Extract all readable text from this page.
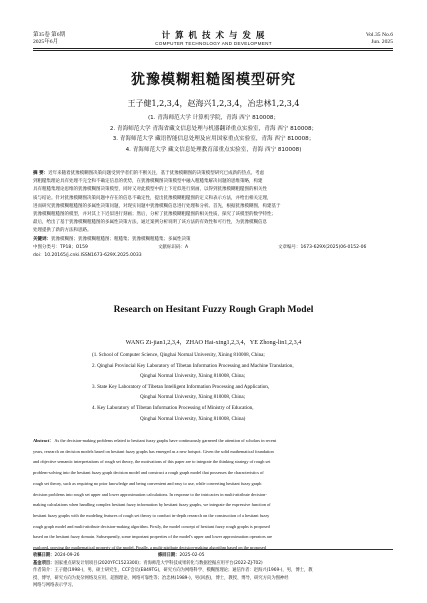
第35卷 第6期
2025年6月
计 算 机 技 术 与 发 展
COMPUTER TECHNOLOGY AND DEVELOPMENT
Vol.35 No.6
Jun. 2025
犹豫模糊粗糙图模型研究
王子健1,2,3,4，赵海兴1,2,3,4，冶忠林1,2,3,4
(1. 青海师范大学 计算机学院，青海 西宁 810008；
2. 青海师范大学 青海省藏文信息处理与机器翻译重点实验室，青海 西宁 810008；
3. 青海师范大学 藏语智能信息处理及应用国家重点实验室，青海 西宁 810008；
4. 青海师范大学 藏文信息处理教育部重点实验室，青海 西宁 810008)
摘 要：近年来随着犹豫模糊图决策问题受到学者们的不断关注，基于犹豫模糊图的决策模型研究已成新的热点。考虑
到粗糙集理论具有处理不完全和不确定信息的优势，在犹豫模糊图决策模型中融入粗糙集解决问题的思维策略，构建
具有粗糙集理论思维的犹豫模糊图决策模型，同时又对此模型中的上下近似进行刻画，以得到犹豫模糊粗糙图的相关性
质与结论。针对犹豫模糊图决策问题中存在的信息不确定性，提出犹豫模糊粗糙图的定义和表示方法，并给出相关定理，
进而研究犹豫模糊粗糙图的多属性决策问题，对现实问题中犹豫模糊信息进行处理和分析。首先，根据犹豫模糊图，构建基于
犹豫模糊粗糙图的模型，并对其上下近似进行刻画；然后，分析了犹豫模糊粗糙图的相关性质，探究了该模型的数学特性；
最后，给出了基于犹豫模糊粗糙图的多属性决策方法，通过案例分析说明了该方法的有效性和可行性，为犹豫模糊信息
处理提供了新的方法和思路。
关键词：犹豫模糊图；犹豫模糊粗糙图；粗糙集；犹豫模糊粗糙集；多属性决策
中图分类号：TP18；O159	文献标识码：A	文章编号：1673-629X(2025)06-0152-06
doi：10.20165/j.cnki.ISSN1673-629X.2025.0033
Research on Hesitant Fuzzy Rough Graph Model
WANG Zi-jian1,2,3,4，ZHAO Hai-xing1,2,3,4，YE Zhong-lin1,2,3,4
(1. School of Computer Science, Qinghai Normal University, Xining 810008, China;
2. Qinghai Provincial Key Laboratory of Tibetan Information Processing and Machine Translation,
Qinghai Normal University, Xining 810008, China;
3. State Key Laboratory of Tibetan Intelligent Information Processing and Application,
Qinghai Normal University, Xining 810008, China;
4. Key Laboratory of Tibetan Information Processing of Ministry of Education,
Qinghai Normal University, Xining 810008, China)
Abstract： As the decision-making problems related to hesitant fuzzy graphs have continuously garnered the attention of scholars in recent
years, research on decision models based on hesitant fuzzy graphs has emerged as a new hotspot. Given the solid mathematical foundation
and objective semantic interpretations of rough set theory, the motivations of this paper are to integrate the thinking strategy of rough set
problem-solving into the hesitant fuzzy graph decision model and construct a rough graph model that possesses the characteristics of
rough set theory, such as requiring no prior knowledge and being convenient and easy to use, while converting hesitant fuzzy graph
decision problems into rough set upper and lower approximation calculations. In response to the intricacies in multi-attribute decision-
making calculations when handling complex hesitant fuzzy information by hesitant fuzzy graphs, we integrate the expressive function of
hesitant fuzzy graphs with the modeling features of rough set theory to conduct in-depth research on the construction of a hesitant fuzzy
rough graph model and multi-attribute decision-making algorithm. Firstly, the model concept of hesitant fuzzy rough graphs is proposed
based on the hesitant fuzzy domain. Subsequently, some important properties of the model's upper and lower approximation operators are
explored, proving the mathematical property of the model. Finally, a multi-attribute decision-making algorithm based on the proposed
收稿日期：2024-09-26	修回日期：2025-02-05
基金项目：国家重点研发计划项目(2020YFC1523300)；青海师范大学科技成果转化与数据挖掘应用平台(2022-ZJ-T02)
作者简介：王子健(1998-)，男，硕士研究生，CCF会员(E849TG)，研究方向为网络科学、模糊图理论；通信作者：赵海兴(1969-)，男，博士，教
授、博导，研究方向为复杂网络及应用、超图理论、网络可靠性等；冶忠林(1989-)，男(回族)，博士，教授、博导，研究方向为图神经
网络与网络表示学习。
